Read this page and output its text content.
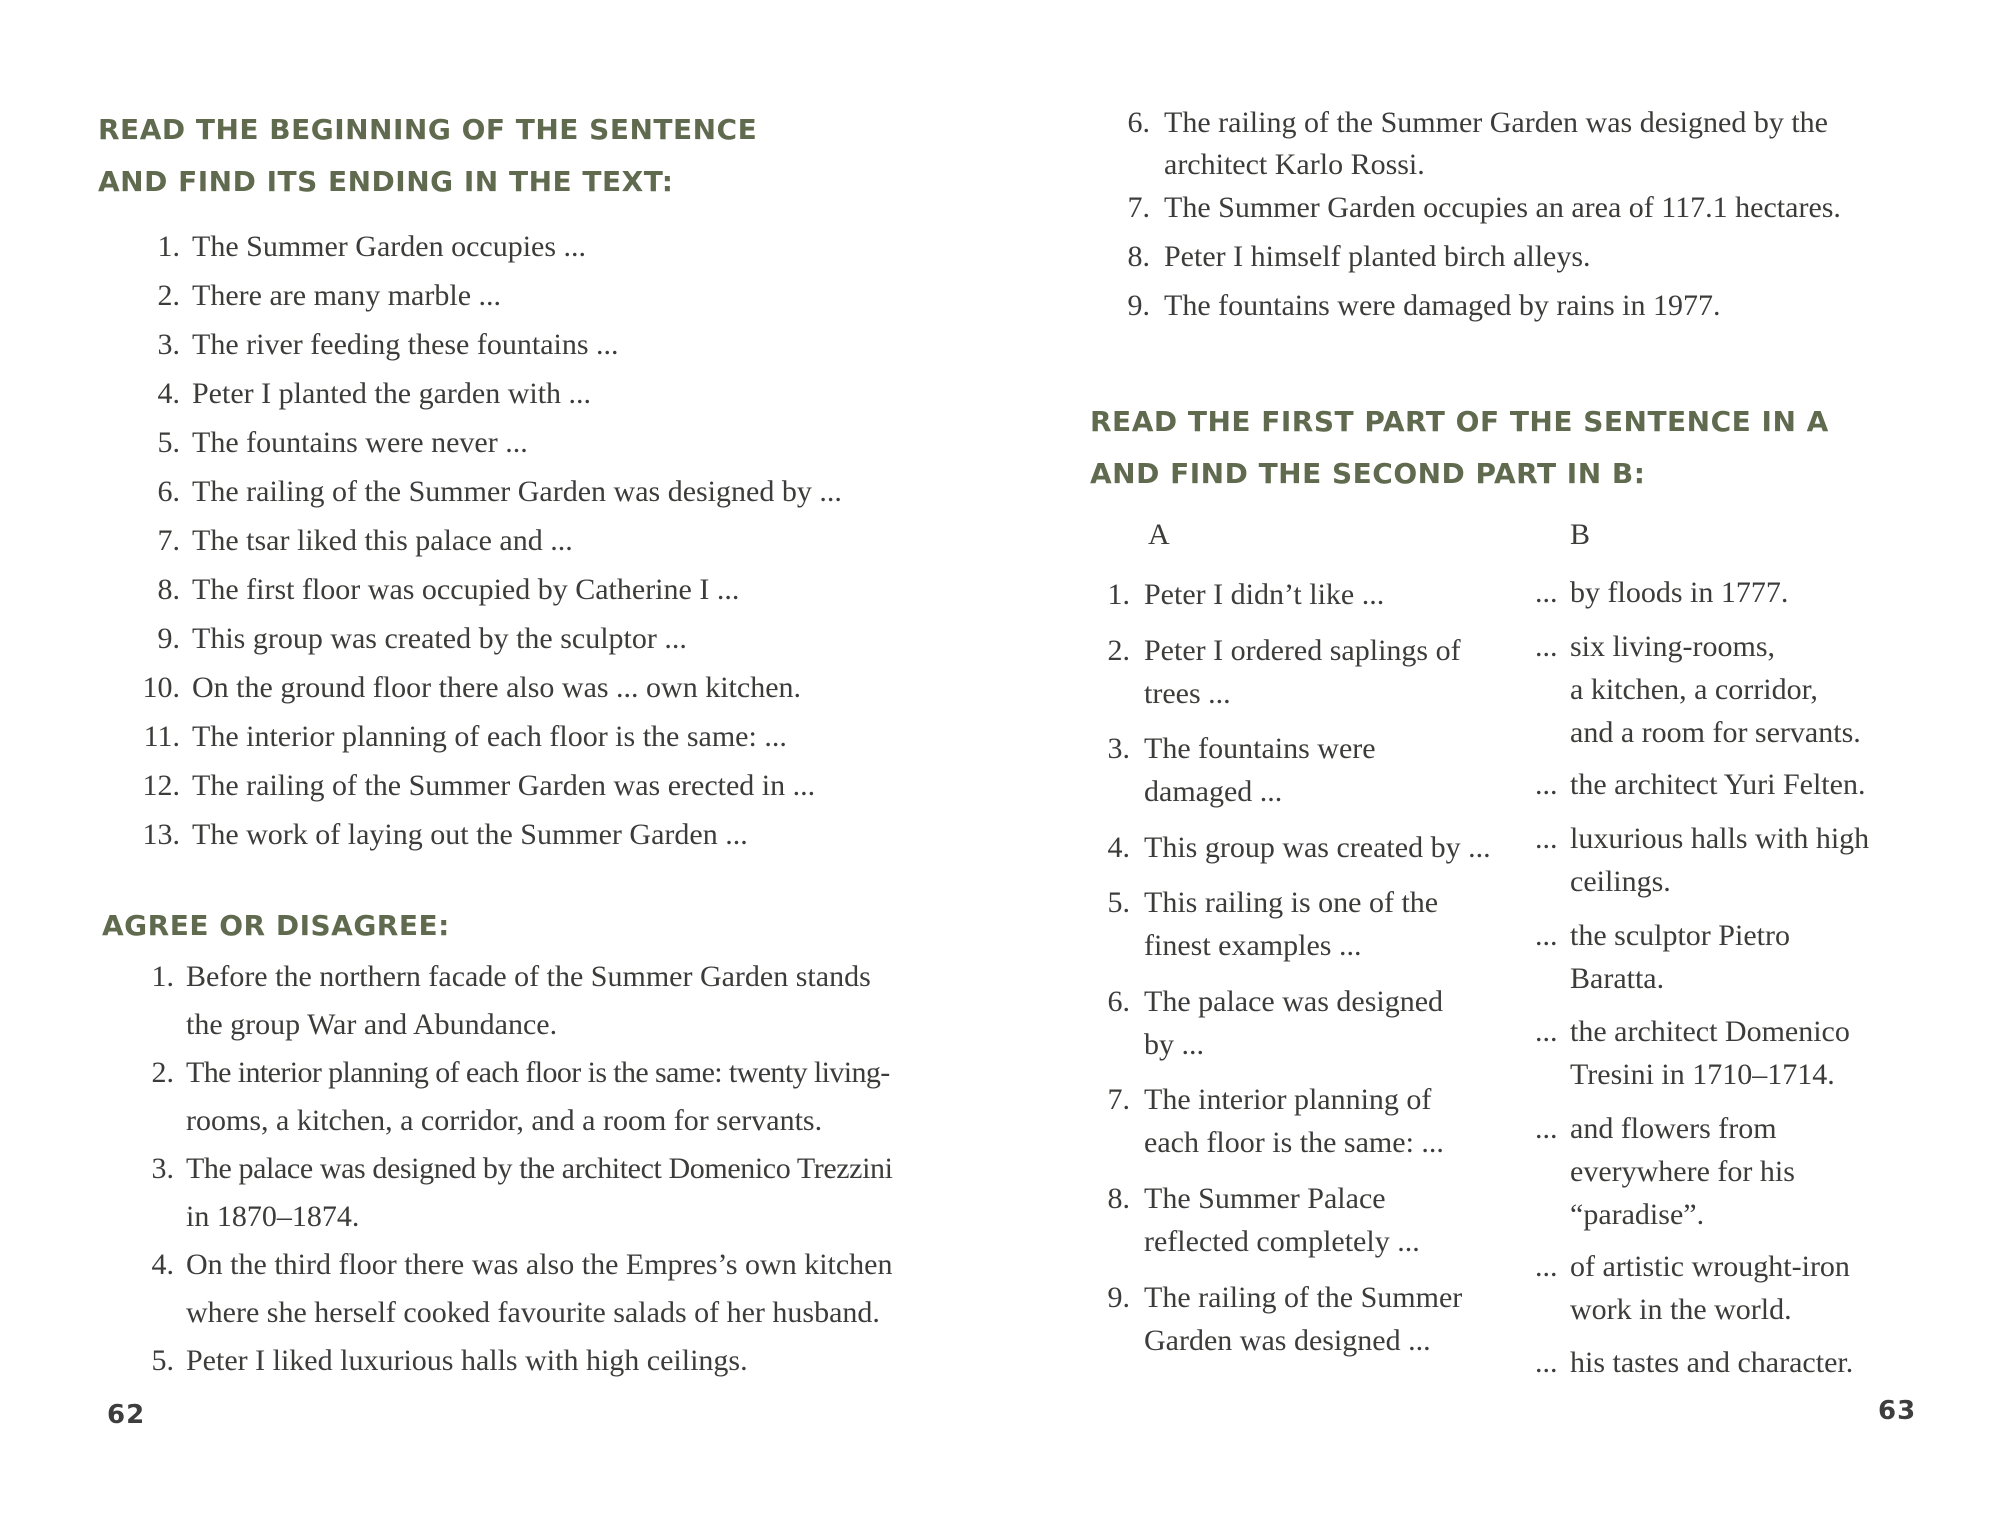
READ THE BEGINNING OF THE SENTENCE
AND FIND ITS ENDING IN THE TEXT:
1. The Summer Garden occupies ...
2. There are many marble ...
3. The river feeding these fountains ...
4. Peter I planted the garden with ...
5. The fountains were never ...
6. The railing of the Summer Garden was designed by ...
7. The tsar liked this palace and ...
8. The first floor was occupied by Catherine I ...
9. This group was created by the sculptor ...
10. On the ground floor there also was ... own kitchen.
11. The interior planning of each floor is the same: ...
12. The railing of the Summer Garden was erected in ...
13. The work of laying out the Summer Garden ...
AGREE OR DISAGREE:
1. Before the northern facade of the Summer Garden stands
the group War and Abundance.
2. The interior planning of each floor is the same: twenty living-
rooms, a kitchen, a corridor, and a room for servants.
3. The palace was designed by the architect Domenico Trezzini
in 1870–1874.
4. On the third floor there was also the Empres’s own kitchen
where she herself cooked favourite salads of her husband.
5. Peter I liked luxurious halls with high ceilings.
62
6. The railing of the Summer Garden was designed by the
architect Karlo Rossi.
7. The Summer Garden occupies an area of 117.1 hectares.
8. Peter I himself planted birch alleys.
9. The fountains were damaged by rains in 1977.
READ THE FIRST PART OF THE SENTENCE IN A
AND FIND THE SECOND PART IN B:
A	B
1. Peter I didn’t like ...
2. Peter I ordered saplings of
trees ...
3. The fountains were
damaged ...
4. This group was created by ...
5. This railing is one of the
finest examples ...
6. The palace was designed
by ...
7. The interior planning of
each floor is the same: ...
8. The Summer Palace
reflected completely ...
9. The railing of the Summer
Garden was designed ...
... by floods in 1777.
... six living-rooms,
a kitchen, a corridor,
and a room for servants.
... the architect Yuri Felten.
... luxurious halls with high
ceilings.
... the sculptor Pietro
Baratta.
... the architect Domenico
Tresini in 1710–1714.
... and flowers from
everywhere for his
“paradise”.
... of artistic wrought-iron
work in the world.
... his tastes and character.
63
